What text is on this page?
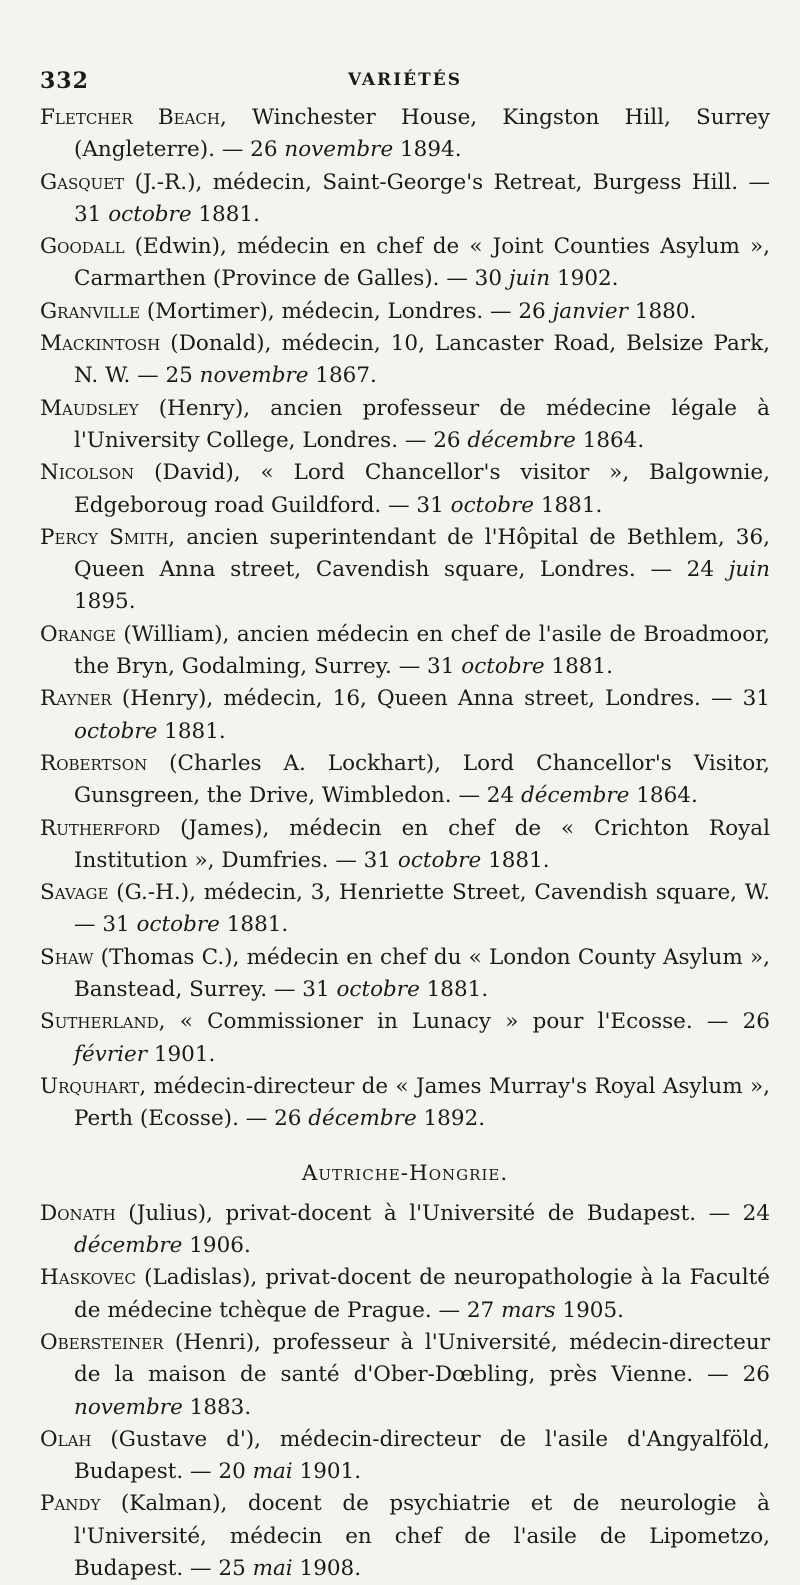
332	VARIÉTÉS

Fletcher Beach, Winchester House, Kingston Hill, Surrey (Angleterre). — 26 novembre 1894.

Gasquet (J.-R.), médecin, Saint-George's Retreat, Burgess Hill. — 31 octobre 1881.

Goodall (Edwin), médecin en chef de « Joint Counties Asylum », Carmarthen (Province de Galles). — 30 juin 1902.

Granville (Mortimer), médecin, Londres. — 26 janvier 1880.

Mackintosh (Donald), médecin, 10, Lancaster Road, Belsize Park, N. W. — 25 novembre 1867.

Maudsley (Henry), ancien professeur de médecine légale à l'University College, Londres. — 26 décembre 1864.

Nicolson (David), « Lord Chancellor's visitor », Balgownie, Edgeboroug road Guildford. — 31 octobre 1881.

Percy Smith, ancien superintendant de l'Hôpital de Bethlem, 36, Queen Anna street, Cavendish square, Londres. — 24 juin 1895.

Orange (William), ancien médecin en chef de l'asile de Broadmoor, the Bryn, Godalming, Surrey. — 31 octobre 1881.

Rayner (Henry), médecin, 16, Queen Anna street, Londres. — 31 octobre 1881.

Robertson (Charles A. Lockhart), Lord Chancellor's Visitor, Gunsgreen, the Drive, Wimbledon. — 24 décembre 1864.

Rutherford (James), médecin en chef de « Crichton Royal Institution », Dumfries. — 31 octobre 1881.

Savage (G.-H.), médecin, 3, Henriette Street, Cavendish square, W. — 31 octobre 1881.

Shaw (Thomas C.), médecin en chef du « London County Asylum », Banstead, Surrey. — 31 octobre 1881.

Sutherland, « Commissioner in Lunacy » pour l'Ecosse. — 26 février 1901.

Urquhart, médecin-directeur de « James Murray's Royal Asylum », Perth (Ecosse). — 26 décembre 1892.

Autriche-Hongrie.

Donath (Julius), privat-docent à l'Université de Budapest. — 24 décembre 1906.

Haskovec (Ladislas), privat-docent de neuropathologie à la Faculté de médecine tchèque de Prague. — 27 mars 1905.

Obersteiner (Henri), professeur à l'Université, médecin-directeur de la maison de santé d'Ober-Dœbling, près Vienne. — 26 novembre 1883.

Olah (Gustave d'), médecin-directeur de l'asile d'Angyalföld, Budapest. — 20 mai 1901.

Pandy (Kalman), docent de psychiatrie et de neurologie à l'Université, médecin en chef de l'asile de Lipometzo, Budapest. — 25 mai 1908.
